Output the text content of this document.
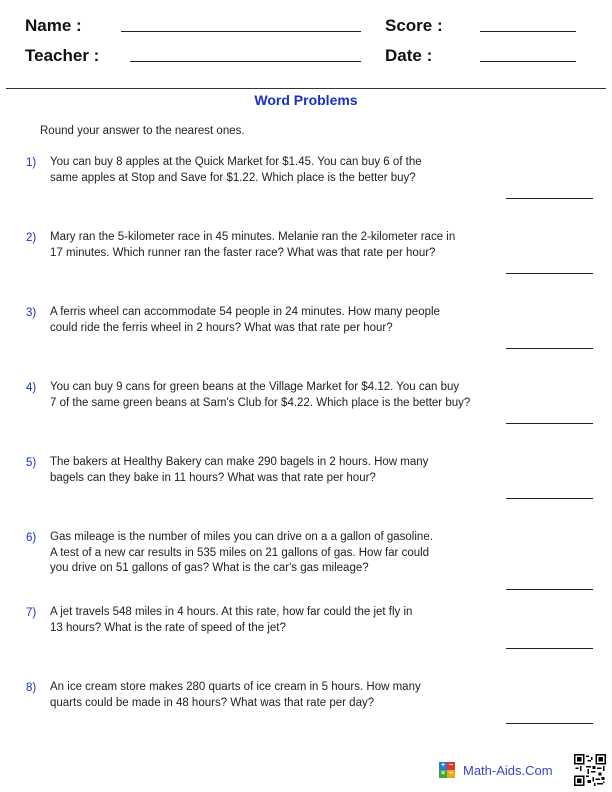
Name :	Score :
Teacher :	Date :
Word Problems
Round your answer to the nearest ones.
1)	You can buy 8 apples at the Quick Market for $1.45. You can buy 6 of the
same apples at Stop and Save for $1.22. Which place is the better buy?
2)	Mary ran the 5-kilometer race in 45 minutes. Melanie ran the 2-kilometer race in
17 minutes. Which runner ran the faster race? What was that rate per hour?
3)	A ferris wheel can accommodate 54 people in 24 minutes. How many people
could ride the ferris wheel in 2 hours? What was that rate per hour?
4)	You can buy 9 cans for green beans at the Village Market for $4.12. You can buy
7 of the same green beans at Sam's Club for $4.22. Which place is the better buy?
5)	The bakers at Healthy Bakery can make 290 bagels in 2 hours. How many
bagels can they bake in 11 hours? What was that rate per hour?
6)	Gas mileage is the number of miles you can drive on a a gallon of gasoline.
A test of a new car results in 535 miles on 21 gallons of gas. How far could
you drive on 51 gallons of gas? What is the car's gas mileage?
7)	A jet travels 548 miles in 4 hours. At this rate, how far could the jet fly in
13 hours? What is the rate of speed of the jet?
8)	An ice cream store makes 280 quarts of ice cream in 5 hours. How many
quarts could be made in 48 hours? What was that rate per day?
+ −
× ÷ Math-Aids.Com
